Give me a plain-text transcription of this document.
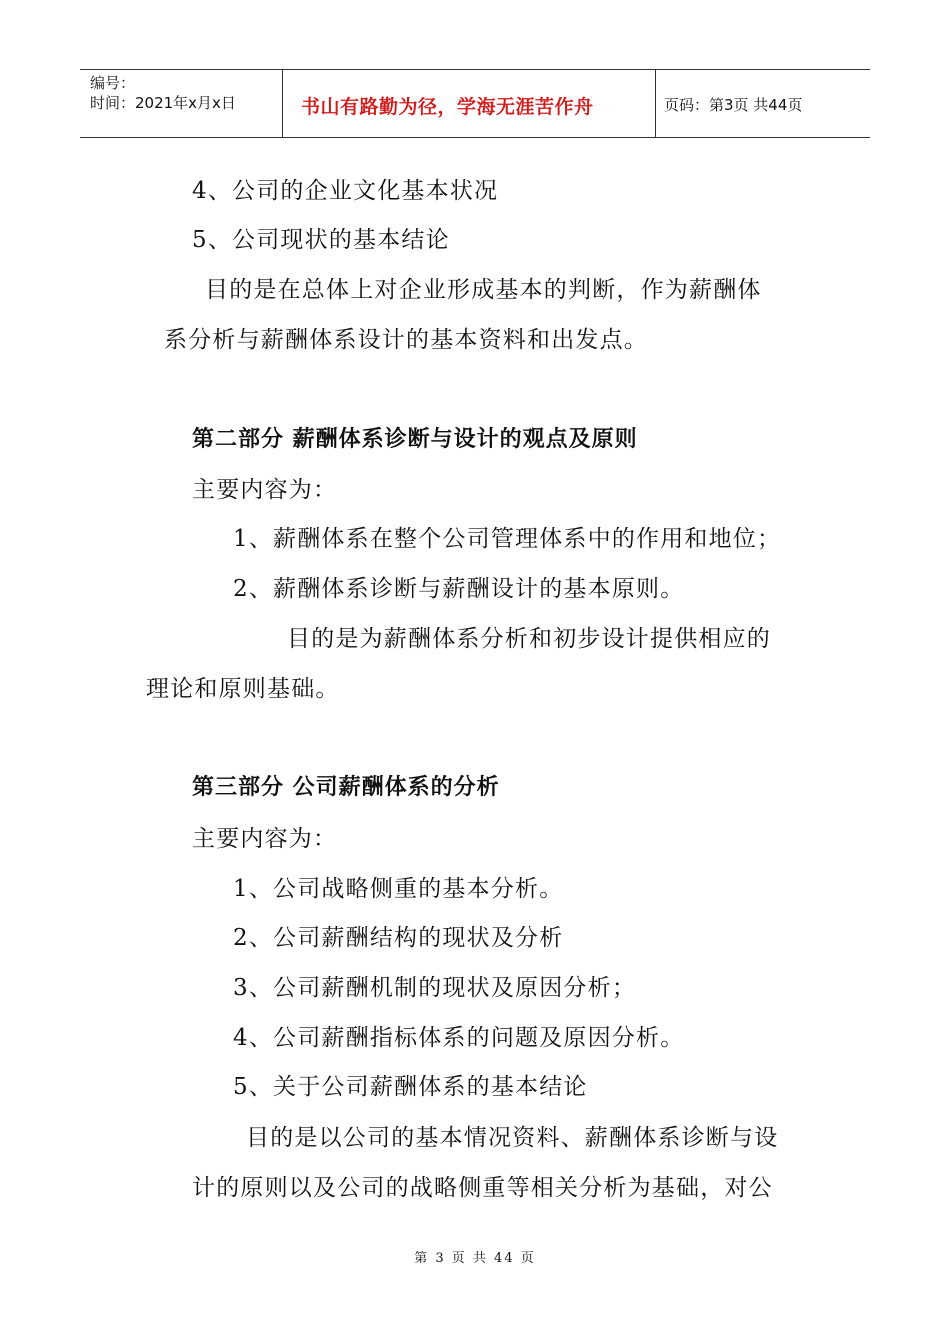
编号：
时间：2021年x月x日	书山有路勤为径，学海无涯苦作舟	页码：第3页 共44页
4、公司的企业文化基本状况
5、公司现状的基本结论
目的是在总体上对企业形成基本的判断，作为薪酬体
系分析与薪酬体系设计的基本资料和出发点。
第二部分 薪酬体系诊断与设计的观点及原则
主要内容为：
1、薪酬体系在整个公司管理体系中的作用和地位；
2、薪酬体系诊断与薪酬设计的基本原则。
目的是为薪酬体系分析和初步设计提供相应的
理论和原则基础。
第三部分 公司薪酬体系的分析
主要内容为：
1、公司战略侧重的基本分析。
2、公司薪酬结构的现状及分析
3、公司薪酬机制的现状及原因分析；
4、公司薪酬指标体系的问题及原因分析。
5、关于公司薪酬体系的基本结论
目的是以公司的基本情况资料、薪酬体系诊断与设
计的原则以及公司的战略侧重等相关分析为基础，对公
第 3 页 共 44 页
